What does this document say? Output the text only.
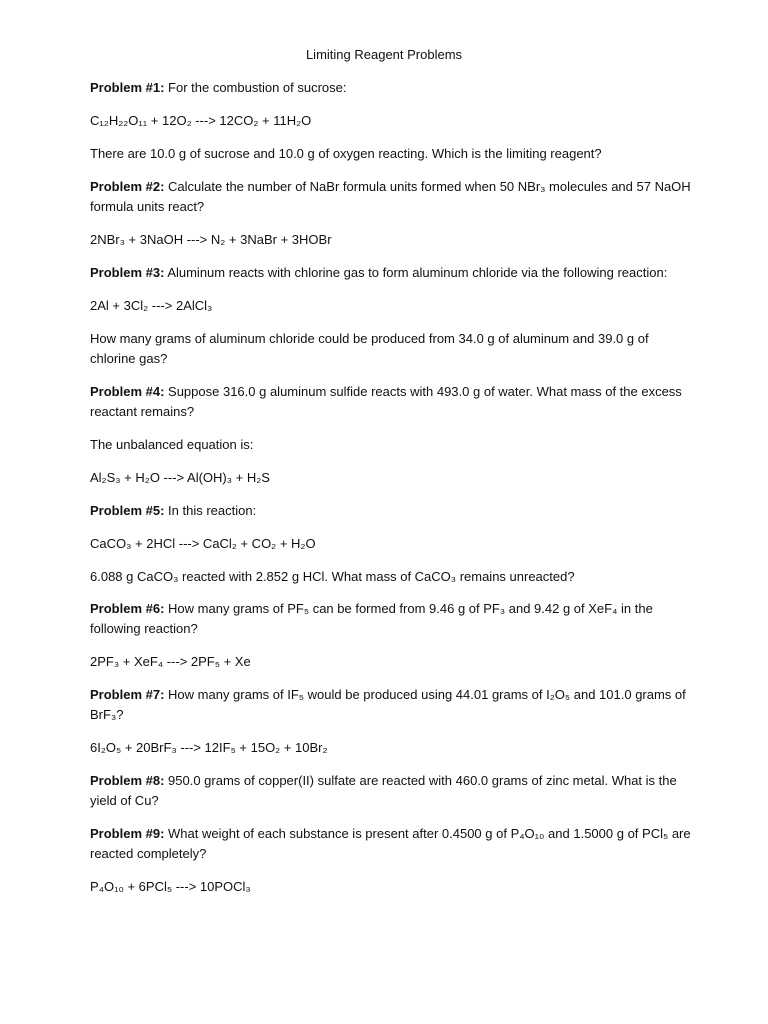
Limiting Reagent Problems
Problem #1: For the combustion of sucrose:
C₁₂H₂₂O₁₁ + 12O₂ ---> 12CO₂ + 11H₂O
There are 10.0 g of sucrose and 10.0 g of oxygen reacting. Which is the limiting reagent?
Problem #2: Calculate the number of NaBr formula units formed when 50 NBr₃ molecules and 57 NaOH
formula units react?
2NBr₃ + 3NaOH ---> N₂ + 3NaBr + 3HOBr
Problem #3: Aluminum reacts with chlorine gas to form aluminum chloride via the following reaction:
2Al + 3Cl₂ ---> 2AlCl₃
How many grams of aluminum chloride could be produced from 34.0 g of aluminum and 39.0 g of
chlorine gas?
Problem #4: Suppose 316.0 g aluminum sulfide reacts with 493.0 g of water. What mass of the excess
reactant remains?
The unbalanced equation is:
Al₂S₃ + H₂O ---> Al(OH)₃ + H₂S
Problem #5: In this reaction:
CaCO₃ + 2HCl ---> CaCl₂ + CO₂ + H₂O
6.088 g CaCO₃ reacted with 2.852 g HCl. What mass of CaCO₃ remains unreacted?
Problem #6: How many grams of PF₅ can be formed from 9.46 g of PF₃ and 9.42 g of XeF₄ in the
following reaction?
2PF₃ + XeF₄ ---> 2PF₅ + Xe
Problem #7: How many grams of IF₅ would be produced using 44.01 grams of I₂O₅ and 101.0 grams of
BrF₃?
6I₂O₅ + 20BrF₃ ---> 12IF₅ + 15O₂ + 10Br₂
Problem #8: 950.0 grams of copper(II) sulfate are reacted with 460.0 grams of zinc metal. What is the
yield of Cu?
Problem #9: What weight of each substance is present after 0.4500 g of P₄O₁₀ and 1.5000 g of PCl₅ are
reacted completely?
P₄O₁₀ + 6PCl₅ ---> 10POCl₃
